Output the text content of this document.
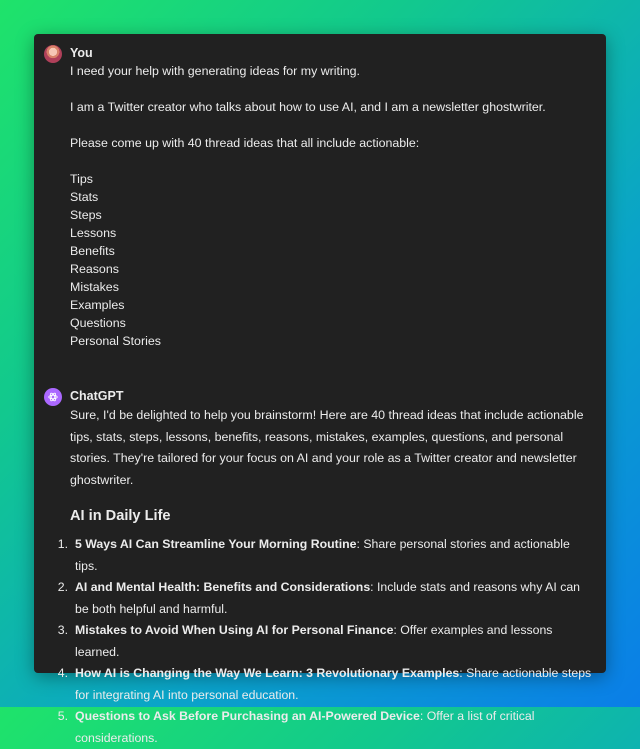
You
I need your help with generating ideas for my writing.
I am a Twitter creator who talks about how to use AI, and I am a newsletter ghostwriter.
Please come up with 40 thread ideas that all include actionable:
Tips
Stats
Steps
Lessons
Benefits
Reasons
Mistakes
Examples
Questions
Personal Stories
ChatGPT
Sure, I'd be delighted to help you brainstorm! Here are 40 thread ideas that include actionable tips, stats, steps, lessons, benefits, reasons, mistakes, examples, questions, and personal stories. They're tailored for your focus on AI and your role as a Twitter creator and newsletter ghostwriter.
AI in Daily Life
1. 5 Ways AI Can Streamline Your Morning Routine: Share personal stories and actionable tips.
2. AI and Mental Health: Benefits and Considerations: Include stats and reasons why AI can be both helpful and harmful.
3. Mistakes to Avoid When Using AI for Personal Finance: Offer examples and lessons learned.
4. How AI is Changing the Way We Learn: 3 Revolutionary Examples: Share actionable steps for integrating AI into personal education.
5. Questions to Ask Before Purchasing an AI-Powered Device: Offer a list of critical considerations.
